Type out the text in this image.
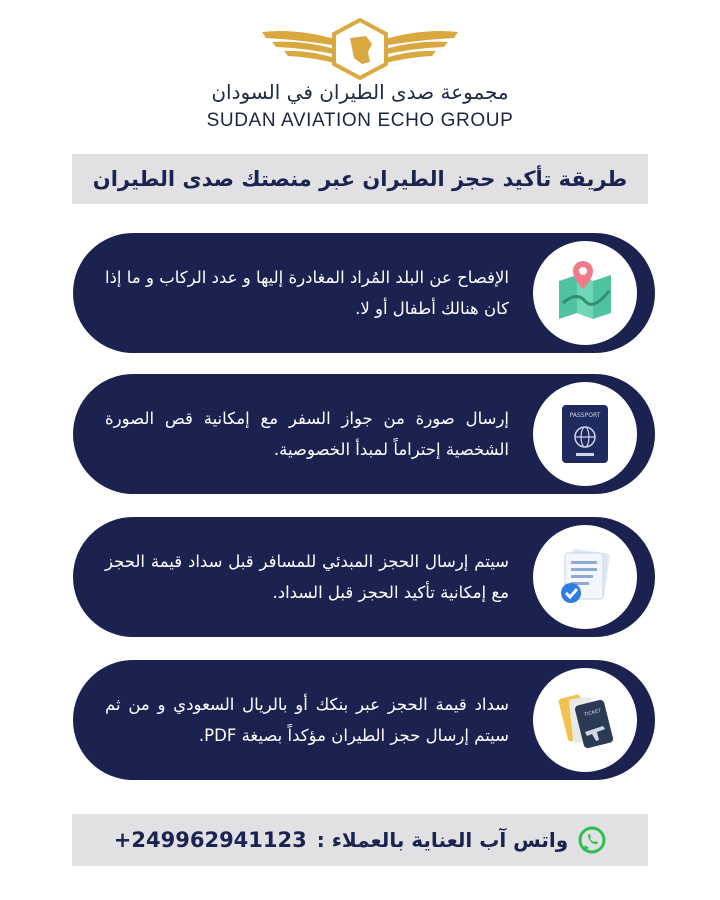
مجموعة صدى الطيران في السودان
SUDAN AVIATION ECHO GROUP
طريقة تأكيد حجز الطيران عبر منصتك صدى الطيران
الإفصاح عن البلد المُراد المغادرة إليها و عدد الركاب و ما إذا كان هنالك أطفال أو لا.
إرسال صورة من جواز السفر مع إمكانية قص الصورة الشخصية إحتراماً لمبدأ الخصوصية.
PASSPORT
سيتم إرسال الحجز المبدئي للمسافر قبل سداد قيمة الحجز مع إمكانية تأكيد الحجز قبل السداد.
سداد قيمة الحجز عبر بنكك أو بالريال السعودي و من ثم سيتم إرسال حجز الطيران مؤكداً بصيغة PDF.
TICKET
واتس آب العناية بالعملاء :
+249962941123
